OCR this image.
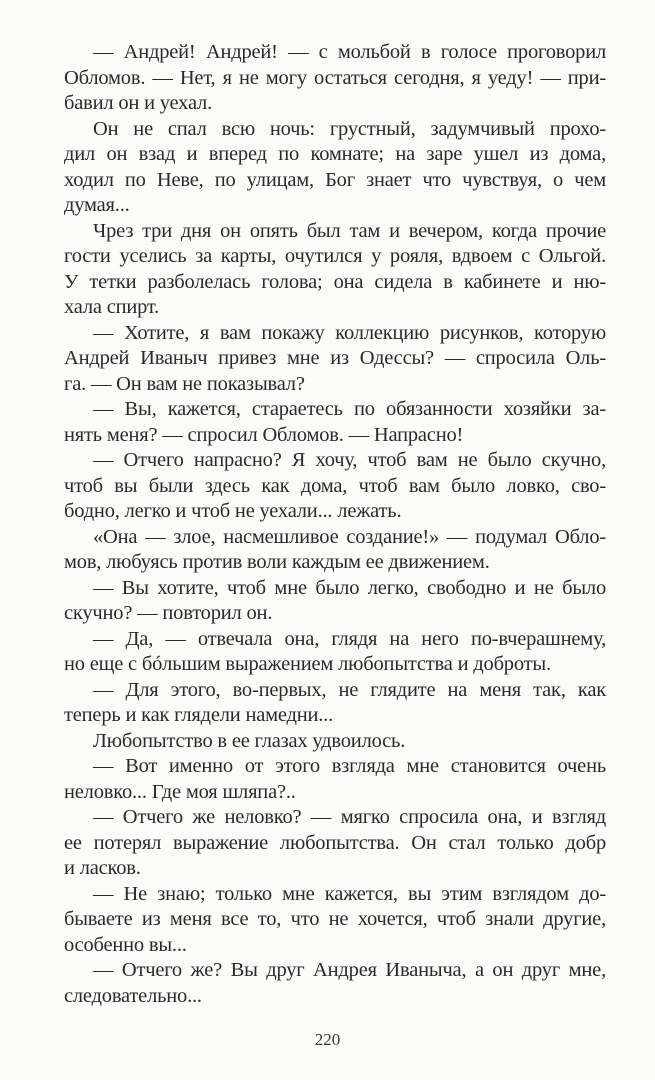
— Андрей! Андрей! — с мольбой в голосе проговорил
Обломов. — Нет, я не могу остаться сегодня, я уеду! — при-
бавил он и уехал.
Он не спал всю ночь: грустный, задумчивый прохо-
дил он взад и вперед по комнате; на заре ушел из дома,
ходил по Неве, по улицам, Бог знает что чувствуя, о чем
думая...
Чрез три дня он опять был там и вечером, когда прочие
гости уселись за карты, очутился у рояля, вдвоем с Ольгой.
У тетки разболелась голова; она сидела в кабинете и ню-
хала спирт.
— Хотите, я вам покажу коллекцию рисунков, которую
Андрей Иваныч привез мне из Одессы? — спросила Оль-
га. — Он вам не показывал?
— Вы, кажется, стараетесь по обязанности хозяйки за-
нять меня? — спросил Обломов. — Напрасно!
— Отчего напрасно? Я хочу, чтоб вам не было скучно,
чтоб вы были здесь как дома, чтоб вам было ловко, сво-
бодно, легко и чтоб не уехали... лежать.
«Она — злое, насмешливое создание!» — подумал Обло-
мов, любуясь против воли каждым ее движением.
— Вы хотите, чтоб мне было легко, свободно и не было
скучно? — повторил он.
— Да, — отвечала она, глядя на него по-вчерашнему,
но еще с бóльшим выражением любопытства и доброты.
— Для этого, во-первых, не глядите на меня так, как
теперь и как глядели намедни...
Любопытство в ее глазах удвоилось.
— Вот именно от этого взгляда мне становится очень
неловко... Где моя шляпа?..
— Отчего же неловко? — мягко спросила она, и взгляд
ее потерял выражение любопытства. Он стал только добр
и ласков.
— Не знаю; только мне кажется, вы этим взглядом до-
бываете из меня все то, что не хочется, чтоб знали другие,
особенно вы...
— Отчего же? Вы друг Андрея Иваныча, а он друг мне,
следовательно...
220
